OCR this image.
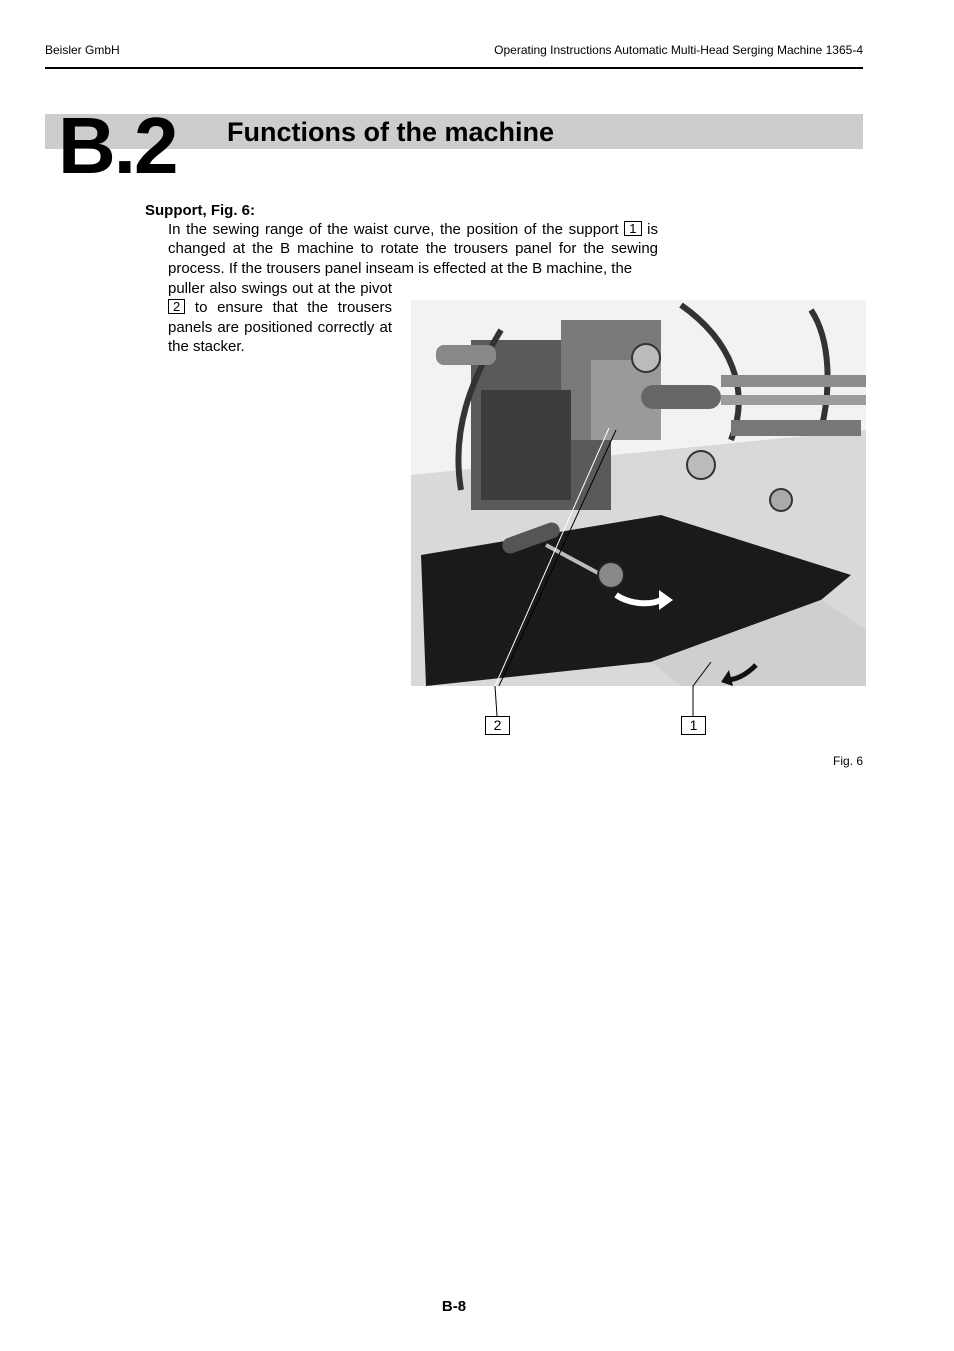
Beisler GmbH	Operating Instructions Automatic Multi-Head Serging Machine 1365-4
B.2 Functions of the machine
Support, Fig. 6:
In the sewing range of the waist curve, the position of the support 1 is changed at the B machine to rotate the trousers panel for the sewing process. If the trousers panel inseam is effected at the B machine, the
puller also swings out at the pivot 2 to ensure that the trousers panels are positioned correctly at the stacker.
2	1
Fig. 6
B-8
